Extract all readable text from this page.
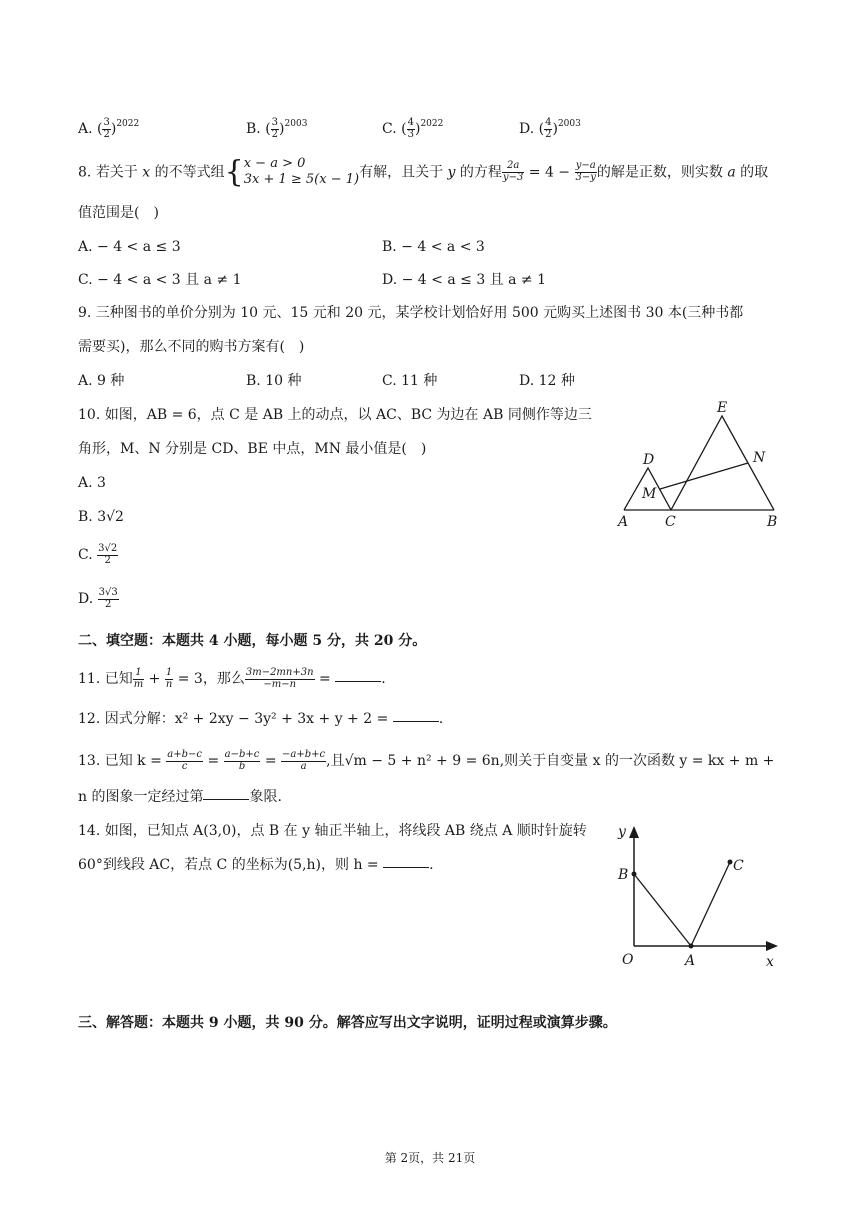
A. ( $\frac{3}{2} )^{2022}$	B. ( $\frac{3}{2} )^{2003}$	C. ( $\frac{4}{3} )^{2022}$	D. ( $\frac{4}{2} )^{2003}$
8. 若关于 x 的不等式组{ x − a > 0
3x + 1 ≥ 5(x − 1) 有解，且关于 y 的方程 $\frac{2a}{y-3} = 4 - \frac{y-a}{3-y}$ 的解是正数，则实数 a 的取
值范围是(　)
A. − 4 < a ≤ 3	B. − 4 < a < 3
C. − 4 < a < 3 且 a ≠ 1	D. − 4 < a ≤ 3 且 a ≠ 1
9. 三种图书的单价分别为 10 元、15 元和 20 元，某学校计划恰好用 500 元购买上述图书 30 本(三种书都
需要买)，那么不同的购书方案有(　)
A. 9 种	B. 10 种	C. 11 种	D. 12 种
10. 如图，AB = 6，点 C 是 AB 上的动点，以 AC、BC 为边在 AB 同侧作等边三
角形，M、N 分别是 CD、BE 中点，MN 最小值是(　)
A. 3
B. 3√2
C. $\frac{3√2}{2}$
D. $\frac{3√3}{2}$
E
D	N
M
A	C	B
二、填空题：本题共 4 小题，每小题 5 分，共 20 分。
11. 已知 $\frac{1}{m} + \frac{1}{n} = 3$，那么 $\frac{3m-2mn+3n}{-m-n}$ =	.
12. 因式分解：x² + 2xy − 3y² + 3x + y + 2 =	.
13. 已知 $k = \frac{a+b-c}{c} = \frac{a-b+c}{b} = \frac{-a+b+c}{a}$ ,且√m − 5 + n² + 9 = 6n,则关于自变量 x 的一次函数 y = kx + m +
n 的图象一定经过第	象限.
14. 如图，已知点 A(3,0)，点 B 在 y 轴正半轴上，将线段 AB 绕点 A 顺时针旋转
60°到线段 AC，若点 C 的坐标为(5,h)，则 h =	.
y
x
B
C
O	A
三、解答题：本题共 9 小题，共 90 分。解答应写出文字说明，证明过程或演算步骤。
第 2页，共 21页
